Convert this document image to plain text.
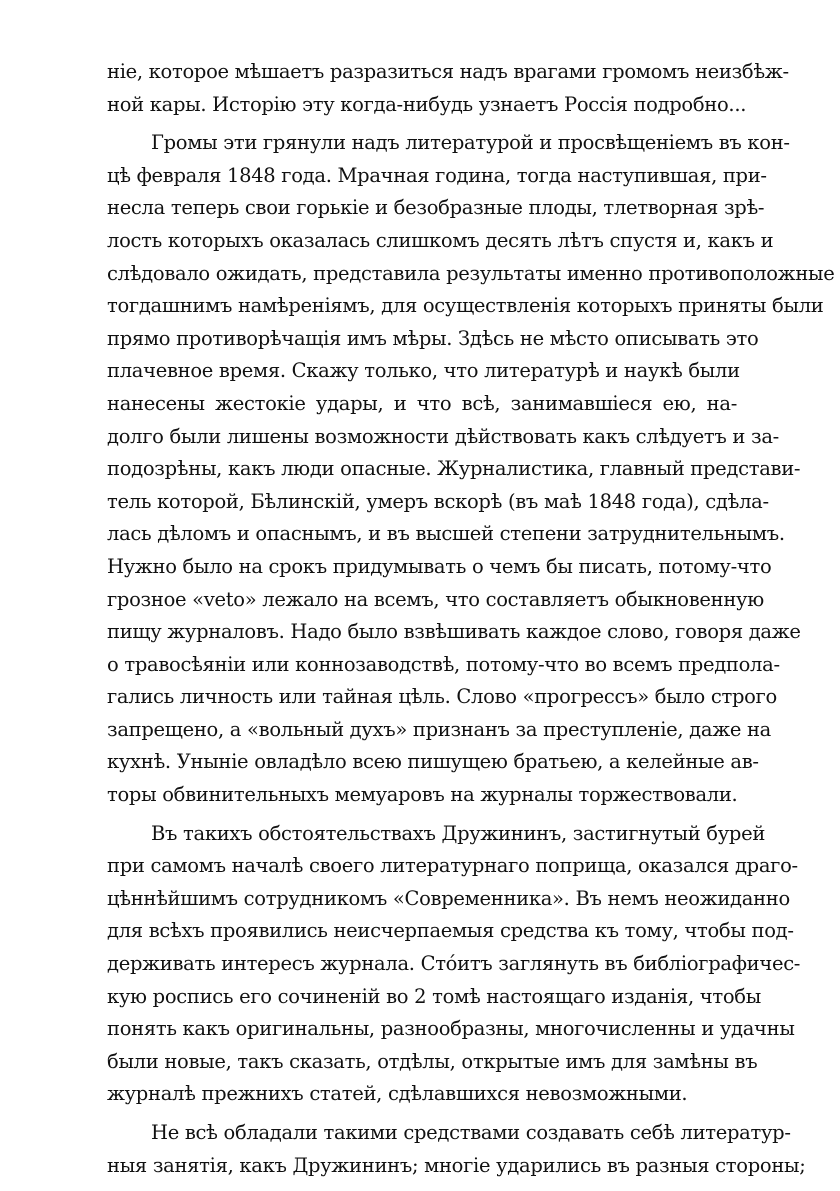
ніе, которое мѣшаетъ разразиться надъ врагами громомъ неизбѣж-
ной кары. Исторію эту когда-нибудь узнаетъ Россія подробно...

Громы эти грянули надъ литературой и просвѣщеніемъ въ кон-
цѣ февраля 1848 года. Мрачная година, тогда наступившая, при-
несла теперь свои горькіе и безобразные плоды, тлетворная зрѣ-
лость которыхъ оказалась слишкомъ десять лѣтъ спустя и, какъ и
слѣдовало ожидать, представила результаты именно противоположные
тогдашнимъ намѣреніямъ, для осуществленія которыхъ приняты были
прямо противорѣчащія имъ мѣры. Здѣсь не мѣсто описывать это
плачевное время. Скажу только, что литературѣ и наукѣ были
нанесены жестокіе удары, и что всѣ, занимавшіеся ею, на-
долго были лишены возможности дѣйствовать какъ слѣдуетъ и за-
подозрѣны, какъ люди опасные. Журналистика, главный представи-
тель которой, Бѣлинскій, умеръ вскорѣ (въ маѣ 1848 года), сдѣла-
лась дѣломъ и опаснымъ, и въ высшей степени затруднительнымъ.
Нужно было на срокъ придумывать о чемъ бы писать, потому-что
грозное «veto» лежало на всемъ, что составляетъ обыкновенную
пищу журналовъ. Надо было взвѣшивать каждое слово, говоря даже
о травосѣяніи или коннозаводствѣ, потому-что во всемъ предпола-
гались личность или тайная цѣль. Слово «прогрессъ» было строго
запрещено, а «вольный духъ» признанъ за преступленіе, даже на
кухнѣ. Уныніе овладѣло всею пишущею братьею, а келейные ав-
торы обвинительныхъ мемуаровъ на журналы торжествовали.

Въ такихъ обстоятельствахъ Дружининъ, застигнутый бурей
при самомъ началѣ своего литературнаго поприща, оказался драго-
цѣннѣйшимъ сотрудникомъ «Современника». Въ немъ неожиданно
для всѣхъ проявились неисчерпаемыя средства къ тому, чтобы под-
держивать интересъ журнала. Стóитъ заглянуть въ библіографичес-
кую роспись его сочиненій во 2 томѣ настоящаго изданія, чтобы
понять какъ оригинальны, разнообразны, многочисленны и удачны
были новые, такъ сказать, отдѣлы, открытые имъ для замѣны въ
журналѣ прежнихъ статей, сдѣлавшихся невозможными.

Не всѣ обладали такими средствами создавать себѣ литератур-
ныя занятія, какъ Дружининъ; многіе ударились въ разныя стороны;
